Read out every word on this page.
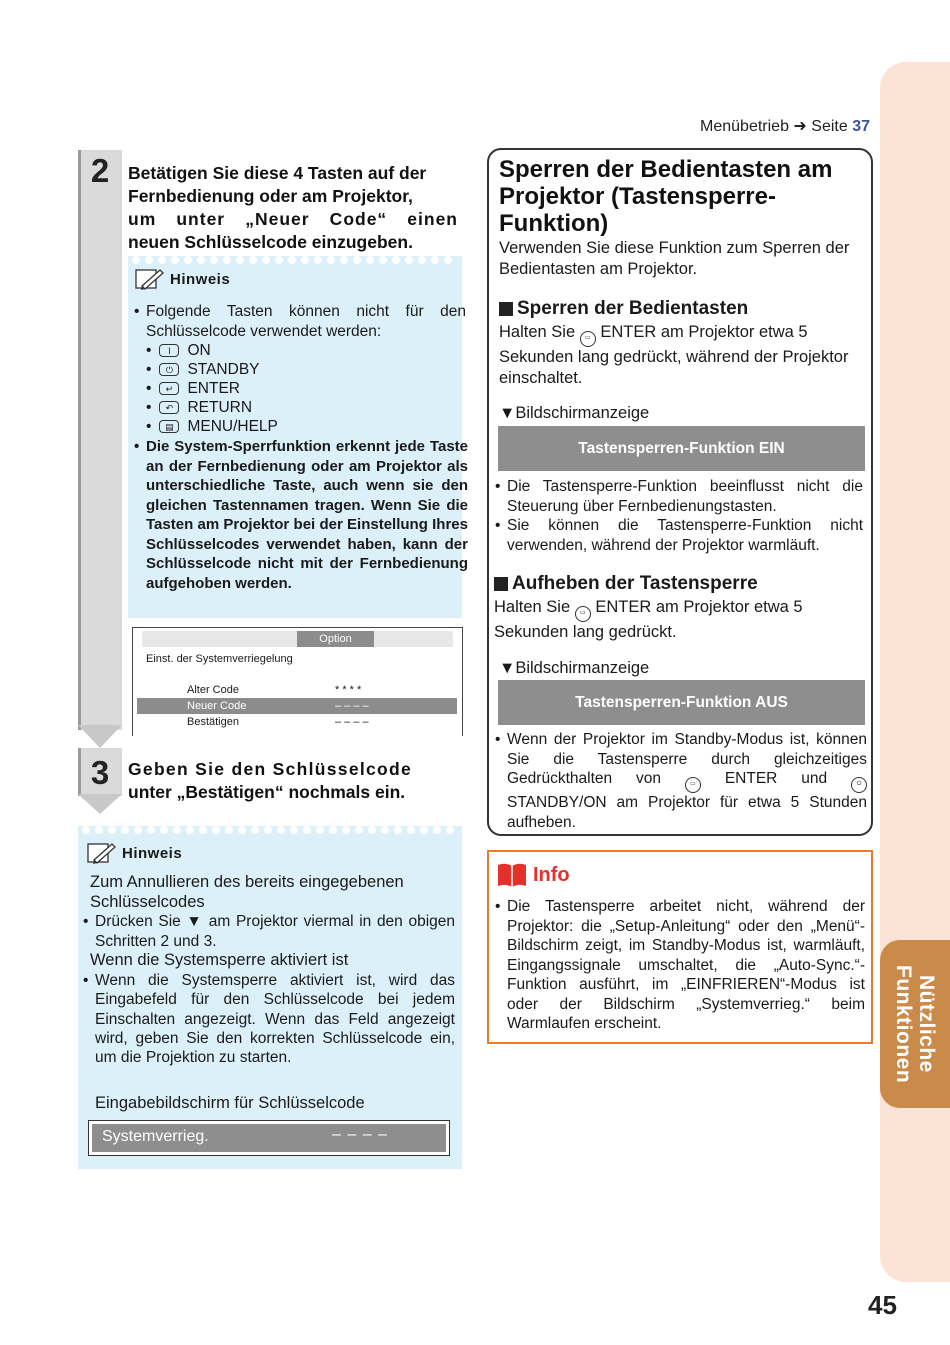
Nützliche
Funktionen
Menübetrieb ➜ Seite 37
2	Betätigen Sie diese 4 Tasten auf der
Fernbedienung oder am Projektor,
um unter „Neuer Code“ einen
neuen Schlüsselcode einzugeben.
Hinweis
• Folgende Tasten können nicht für den Schlüsselcode verwendet werden:
•	I	ON
•	⏻ STANDBY
•	↵ ENTER
•	↶ RETURN
•	▤ MENU/HELP
• Die System-Sperrfunktion erkennt jede Taste an der Fernbedienung oder am Projektor als unterschiedliche Taste, auch wenn sie den gleichen Tastennamen tragen. Wenn Sie die Tasten am Projektor bei der Einstellung Ihres Schlüsselcodes verwendet haben, kann der Schlüsselcode nicht mit der Fernbedienung aufgehoben werden.
Option
Einst. der Systemverriegelung
Alter Code	* * * *
Neuer Code	– – – –
Bestätigen	– – – –
3	Geben Sie den Schlüsselcode
unter „Bestätigen“ nochmals ein.
Hinweis
Zum Annullieren des bereits eingegebenen Schlüsselcodes
• Drücken Sie ▼ am Projektor viermal in den obigen Schritten 2 und 3.
Wenn die Systemsperre aktiviert ist
• Wenn die Systemsperre aktiviert ist, wird das Eingabefeld für den Schlüsselcode bei jedem Einschalten angezeigt. Wenn das Feld angezeigt wird, geben Sie den korrekten Schlüsselcode ein, um die Projektion zu starten.
Eingabebildschirm für Schlüsselcode
Systemverrieg.	– – – –
Sperren der Bedientasten am
Projektor (Tastensperre-
Funktion)
Verwenden Sie diese Funktion zum Sperren der Bedientasten am Projektor.
Sperren der Bedientasten
Halten Sie ▭ ENTER am Projektor etwa 5 Sekunden lang gedrückt, während der Projektor einschaltet.
▼Bildschirmanzeige
Tastensperren-Funktion EIN
• Die Tastensperre-Funktion beeinflusst nicht die Steuerung über Fernbedienungstasten.
• Sie können die Tastensperre-Funktion nicht verwenden, während der Projektor warmläuft.
Aufheben der Tastensperre
Halten Sie ▭ ENTER am Projektor etwa 5 Sekunden lang gedrückt.
▼Bildschirmanzeige
Tastensperren-Funktion AUS
• Wenn der Projektor im Standby-Modus ist, können Sie die Tastensperre durch gleichzeitiges Gedrückthalten von	▭ ENTER und	⏻ STANDBY/ON am Projektor für etwa 5 Stunden aufheben.
Info
• Die Tastensperre arbeitet nicht, während der Projektor: die „Setup-Anleitung“ oder den „Menü“-Bildschirm zeigt, im Standby-Modus ist, warmläuft, Eingangssignale umschaltet, die „Auto-Sync.“-Funktion ausführt, im „EINFRIEREN“-Modus ist oder der Bildschirm „Systemverrieg.“ beim Warmlaufen erscheint.
45
